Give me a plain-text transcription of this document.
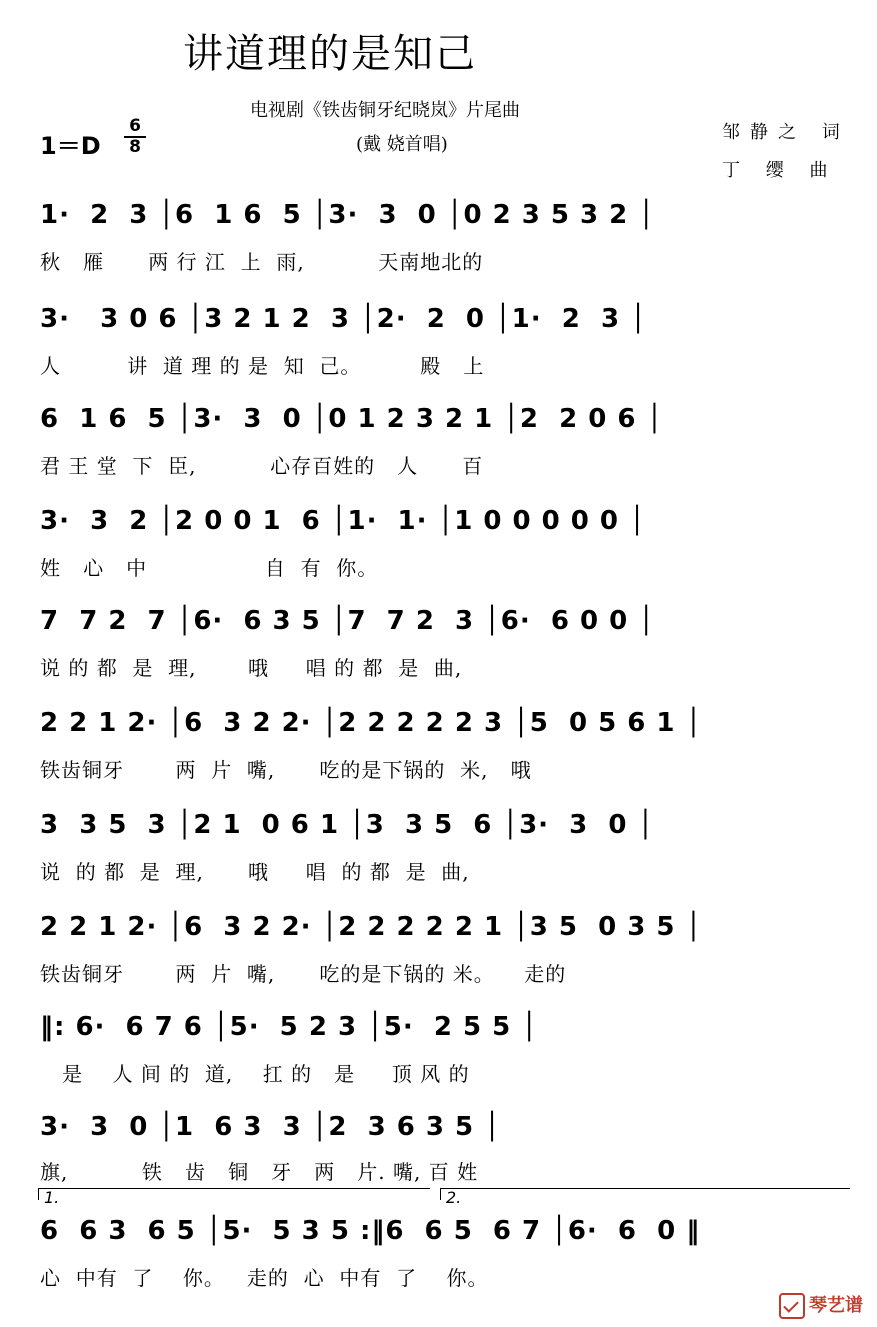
讲道理的是知己
电视剧《铁齿铜牙纪晓岚》片尾曲
(戴 娆首唱)
1＝D
6
8
邹静之 词
丁 缨 曲
1·  2  3 │6  1 6  5 │3·  3  0 │0 2 3 5 3 2 │
秋   雁      两 行 江  上  雨,          天南地北的
3·   3 0 6 │3 2 1 2  3 │2·  2  0 │1·  2  3 │
人         讲  道 理 的 是  知  己。        殿   上
6  1 6  5 │3·  3  0 │0 1 2 3 2 1 │2  2 0 6 │
君 王 堂  下  臣,          心存百姓的   人      百
3·  3  2 │2 0 0 1  6 │1·  1· │1 0 0 0 0 0 │
姓   心   中                自  有  你。
7  7 2  7 │6·  6 3 5 │7  7 2  3 │6·  6 0 0 │
说 的 都  是  理,       哦     唱 的 都  是  曲,
2 2 1 2· │6  3 2 2· │2 2 2 2 2 3 │5  0 5 6 1 │
铁齿铜牙       两  片  嘴,      吃的是下锅的  米,   哦
3  3 5  3 │2 1  0 6 1 │3  3 5  6 │3·  3  0 │
说  的 都  是  理,      哦     唱  的 都  是  曲,
2 2 1 2· │6  3 2 2· │2 2 2 2 2 1 │3 5  0 3 5 │
铁齿铜牙       两  片  嘴,      吃的是下锅的 米。    走的
‖: 6·  6 7 6 │5·  5 2 3 │5·  2 5 5 │
是    人 间 的  道,    扛 的   是     顶 风 的
3·  3  0 │1  6 3  3 │2  3 6 3 5 │
旗,          铁   齿   铜   牙   两   片. 嘴, 百 姓
1.	2.
6  6 3  6 5 │5·  5 3 5 :‖6  6 5  6 7 │6·  6  0 ‖
心  中有  了    你。   走的  心  中有  了    你。
琴艺谱
